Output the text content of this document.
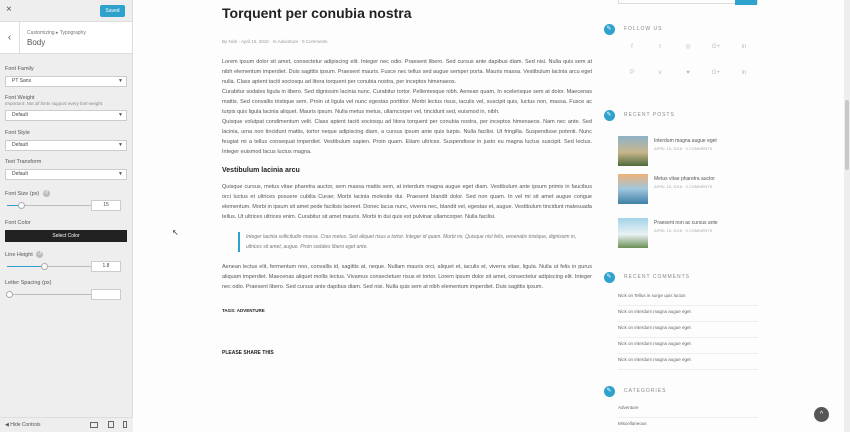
×	Saved
‹	Customizing ▸ Typography
Body
Font Family
PT Sans	▼
Font Weight
Important: Not all fonts support every font-weight.
Default	▼
Font Style
Default	▼
Text Transform
Default	▼
Font Size (px) ↺
15
Font Color
Select Color
Line Height ↺
1.8
Letter Spacing (px)
◀ Hide Controls

↖
Torquent per conubia nostra
By Nick · April 15, 2016 · In Adventure · 0 Comments

Lorem ipsum dolor sit amet, consectetur adipiscing elit. Integer nec odio. Praesent libero. Sed cursus ante dapibus diam. Sed nisi. Nulla quis sem at nibh elementum imperdiet. Duis sagittis ipsum. Praesent mauris. Fusce nec tellus sed augue semper porta. Mauris massa. Vestibulum lacinia arcu eget nulla. Class aptent taciti sociosqu ad litora torquent per conubia nostra, per inceptos himenaeos.

Curabitur sodales ligula in libero. Sed dignissim lacinia nunc. Curabitur tortor. Pellentesque nibh. Aenean quam. In scelerisque sem at dolor. Maecenas mattis. Sed convallis tristique sem. Proin ut ligula vel nunc egestas porttitor. Morbi lectus risus, iaculis vel, suscipit quis, luctus non, massa. Fusce ac turpis quis ligula lacinia aliquet. Mauris ipsum. Nulla metus metus, ullamcorper vel, tincidunt sed, euismod in, nibh.

Quisque volutpat condimentum velit. Class aptent taciti sociosqu ad litora torquent per conubia nostra, per inceptos himenaeos. Nam nec ante. Sed lacinia, urna non tincidunt mattis, tortor neque adipiscing diam, a cursus ipsum ante quis turpis. Nulla facilisi. Ut fringilla. Suspendisse potenti. Nunc feugiat mi a tellus consequat imperdiet. Vestibulum sapien. Proin quam. Etiam ultrices. Suspendisse in justo eu magna luctus suscipit. Sed lectus. Integer euismod lacus luctus magna.

Vestibulum lacinia arcu

Quisque cursus, metus vitae pharetra auctor, sem massa mattis sem, at interdum magna augue eget diam. Vestibulum ante ipsum primis in faucibus orci luctus et ultrices posuere cubilia Curae; Morbi lacinia molestie dui. Praesent blandit dolor. Sed non quam. In vel mi sit amet augue congue elementum. Morbi in ipsum sit amet pede facilisis laoreet. Donec lacus nunc, viverra nec, blandit vel, egestas et, augue. Vestibulum tincidunt malesuada tellus. Ut ultrices ultrices enim. Curabitur sit amet mauris. Morbi in dui quis est pulvinar ullamcorper. Nulla facilisi.

Integer lacinia sollicitudin massa. Cras metus. Sed aliquet risus a tortor. Integer id quam. Morbi mi. Quisque nisl felis, venenatis tristique, dignissim in, ultrices sit amet, augue. Proin sodales libero eget ante.

Aenean lectus elit, fermentum non, convallis id, sagittis at, neque. Nullam mauris orci, aliquet et, iaculis et, viverra vitae, ligula. Nulla ut felis in purus aliquam imperdiet. Maecenas aliquet mollis lectus. Vivamus consectetuer risus et tortor. Lorem ipsum dolor sit amet, consectetur adipiscing elit. Integer nec odio. Praesent libero. Sed cursus ante dapibus diam. Sed nisi. Nulla quis sem at nibh elementum imperdiet. Duis sagittis ipsum.

TAGS: ADVENTURE
PLEASE SHARE THIS
✎	FOLLOW US
f	t	◎	G+	in
P	v	♥	G+	in
✎	RECENT POSTS
Interdum magna augue eget
APRIL 15, 2016 · 0 COMMENTS
Metus vitae pharetra auctor
APRIL 15, 2016 · 0 COMMENTS
Praesent non ac cursus ante
APRIL 15, 2016 · 0 COMMENTS
✎	RECENT COMMENTS
Nick on Tellus in surge quis luctus
Nick on Interdum magna augue eget
Nick on Interdum magna augue eget
Nick on Interdum magna augue eget
Nick on Interdum magna augue eget
✎	CATEGORIES
Adventure
Miscellaneous
^
